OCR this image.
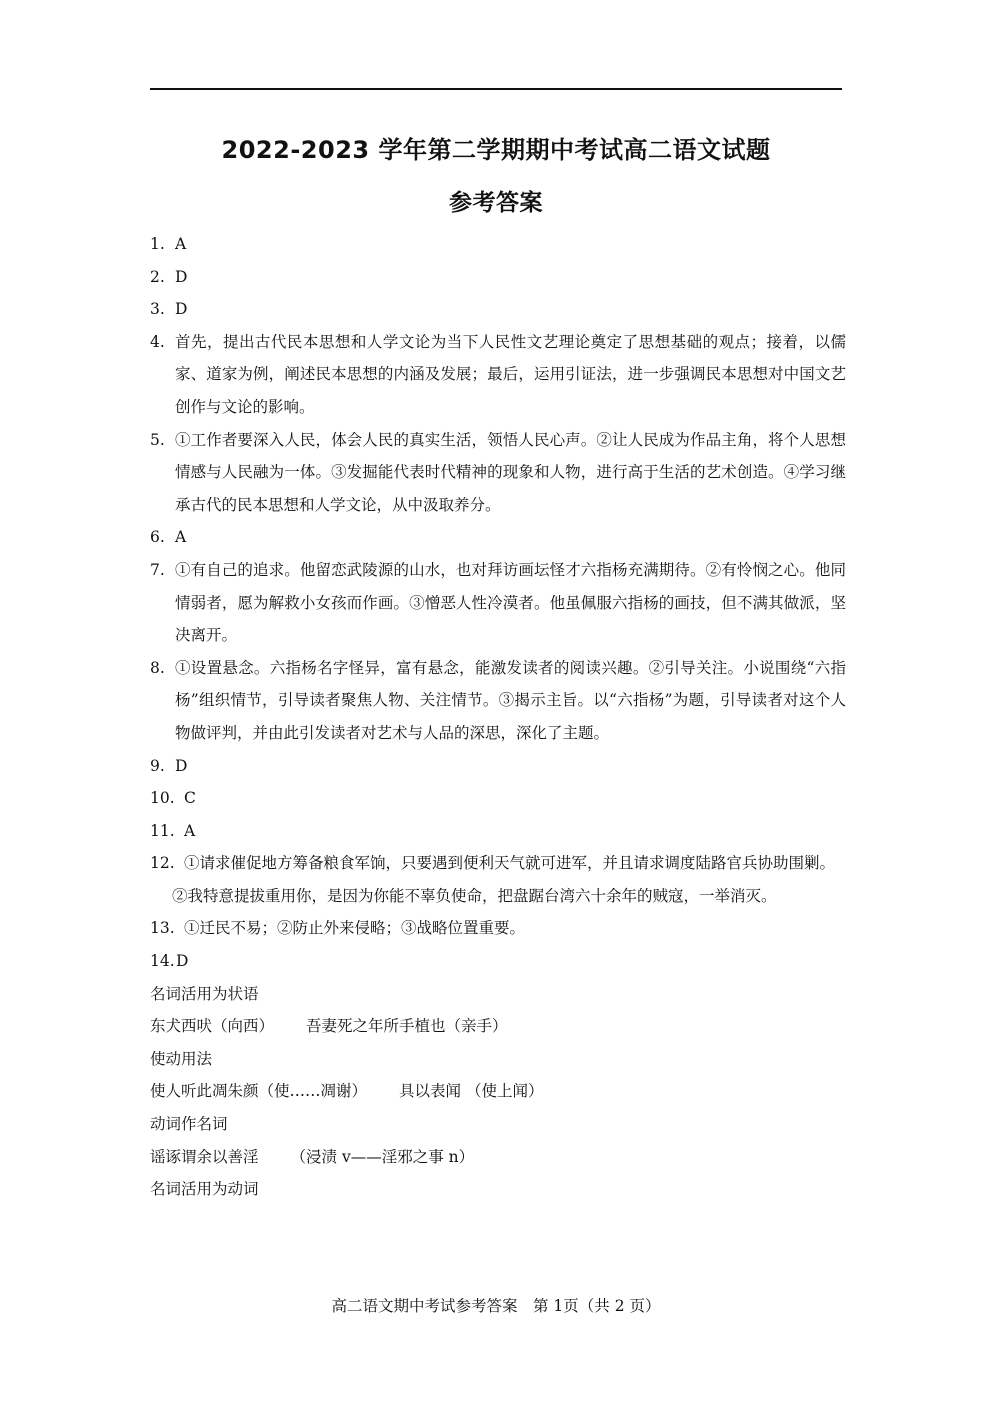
2022-2023 学年第二学期期中考试高二语文试题
参考答案
1. A
2. D
3. D
4. 首先，提出古代民本思想和人学文论为当下人民性文艺理论奠定了思想基础的观点；接着，以儒家、道家为例，阐述民本思想的内涵及发展；最后，运用引证法，进一步强调民本思想对中国文艺创作与文论的影响。
5. ①工作者要深入人民，体会人民的真实生活，领悟人民心声。②让人民成为作品主角，将个人思想情感与人民融为一体。③发掘能代表时代精神的现象和人物，进行高于生活的艺术创造。④学习继承古代的民本思想和人学文论，从中汲取养分。
6. A
7. ①有自己的追求。他留恋武陵源的山水，也对拜访画坛怪才六指杨充满期待。②有怜悯之心。他同情弱者，愿为解救小女孩而作画。③憎恶人性冷漠者。他虽佩服六指杨的画技，但不满其做派，坚决离开。
8. ①设置悬念。六指杨名字怪异，富有悬念，能激发读者的阅读兴趣。②引导关注。小说围绕“六指杨”组织情节，引导读者聚焦人物、关注情节。③揭示主旨。以“六指杨”为题，引导读者对这个人物做评判，并由此引发读者对艺术与人品的深思，深化了主题。
9. D
10. C
11. A
12. ①请求催促地方筹备粮食军饷，只要遇到便利天气就可进军，并且请求调度陆路官兵协助围剿。
②我特意提拔重用你，是因为你能不辜负使命，把盘踞台湾六十余年的贼寇，一举消灭。
13. ①迁民不易；②防止外来侵略；③战略位置重要。
14. D
名词活用为状语
东犬西吠（向西） 吾妻死之年所手植也（亲手）
使动用法
使人听此凋朱颜（使……凋谢） 具以表闻 （使上闻）
动词作名词
谣诼谓余以善淫 （浸渍 v——淫邪之事 n）
名词活用为动词
高二语文期中考试参考答案　第 1页（共 2 页）
